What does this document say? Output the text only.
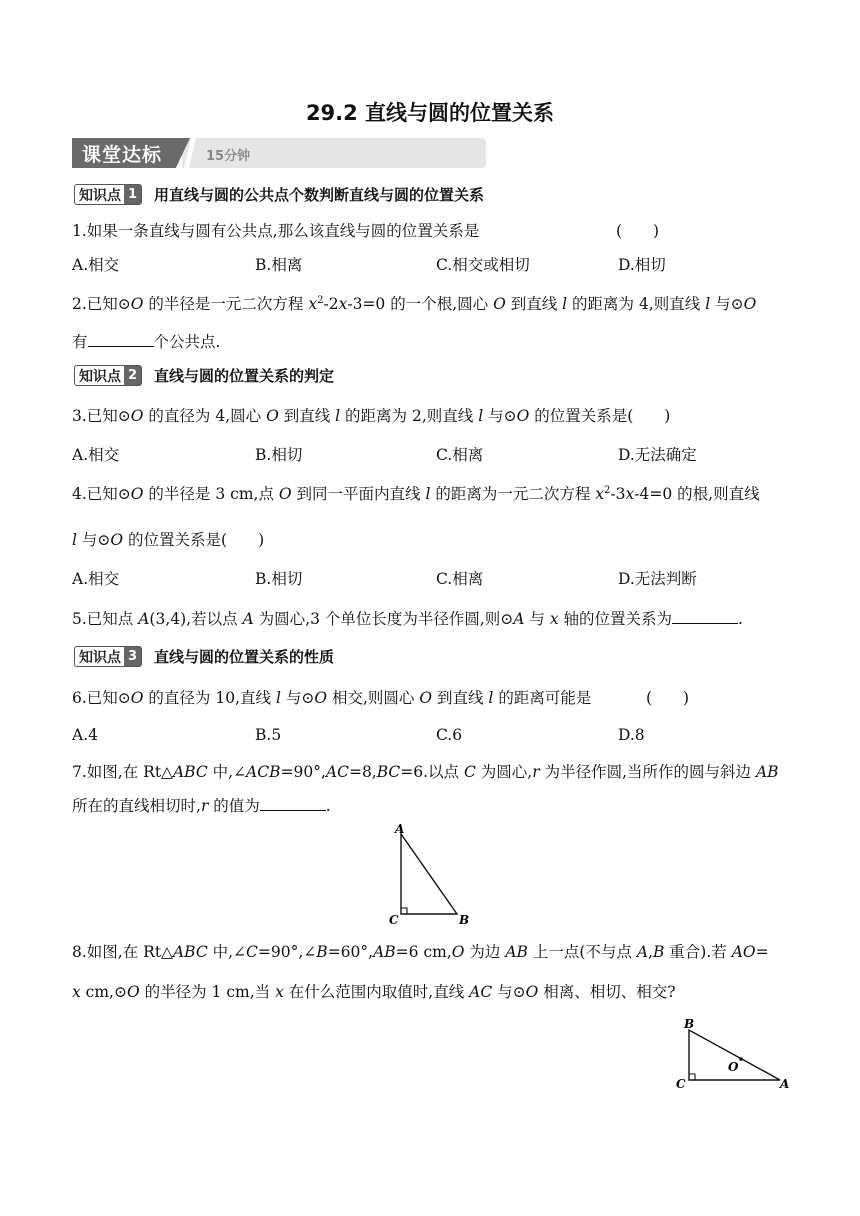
29.2 直线与圆的位置关系
课堂达标	15分钟
知识点 1 用直线与圆的公共点个数判断直线与圆的位置关系
1.如果一条直线与圆有公共点,那么该直线与圆的位置关系是	(　　)
A.相交	B.相离	C.相交或相切	D.相切
2.已知⊙O 的半径是一元二次方程 $x^2-2x-3=0$ 的一个根,圆心 O 到直线 l 的距离为 4,则直线 l 与⊙O
有	个公共点.
知识点 2 直线与圆的位置关系的判定
3.已知⊙O 的直径为 4,圆心 O 到直线 l 的距离为 2,则直线 l 与⊙O 的位置关系是(　　)
A.相交	B.相切	C.相离	D.无法确定
4.已知⊙O 的半径是 3 cm,点 O 到同一平面内直线 l 的距离为一元二次方程 $x^2-3x-4=0$ 的根,则直线
l 与⊙O 的位置关系是(　　)
A.相交	B.相切	C.相离	D.无法判断
5.已知点 A(3,4),若以点 A 为圆心,3 个单位长度为半径作圆,则⊙A 与 x 轴的位置关系为	.
知识点 3 直线与圆的位置关系的性质
6.已知⊙O 的直径为 10,直线 l 与⊙O 相交,则圆心 O 到直线 l 的距离可能是	(　　)
A.4	B.5	C.6	D.8
7.如图,在 Rt△ABC 中,∠ACB=90°,AC=8,BC=6.以点 C 为圆心,r 为半径作圆,当所作的圆与斜边 AB
所在的直线相切时,r 的值为	.
A
C	B
8.如图,在 Rt△ABC 中,∠C=90°,∠B=60°,AB=6 cm,O 为边 AB 上一点(不与点 A,B 重合).若 AO=
x cm,⊙O 的半径为 1 cm,当 x 在什么范围内取值时,直线 AC 与⊙O 相离、相切、相交?
B
C
O
A
